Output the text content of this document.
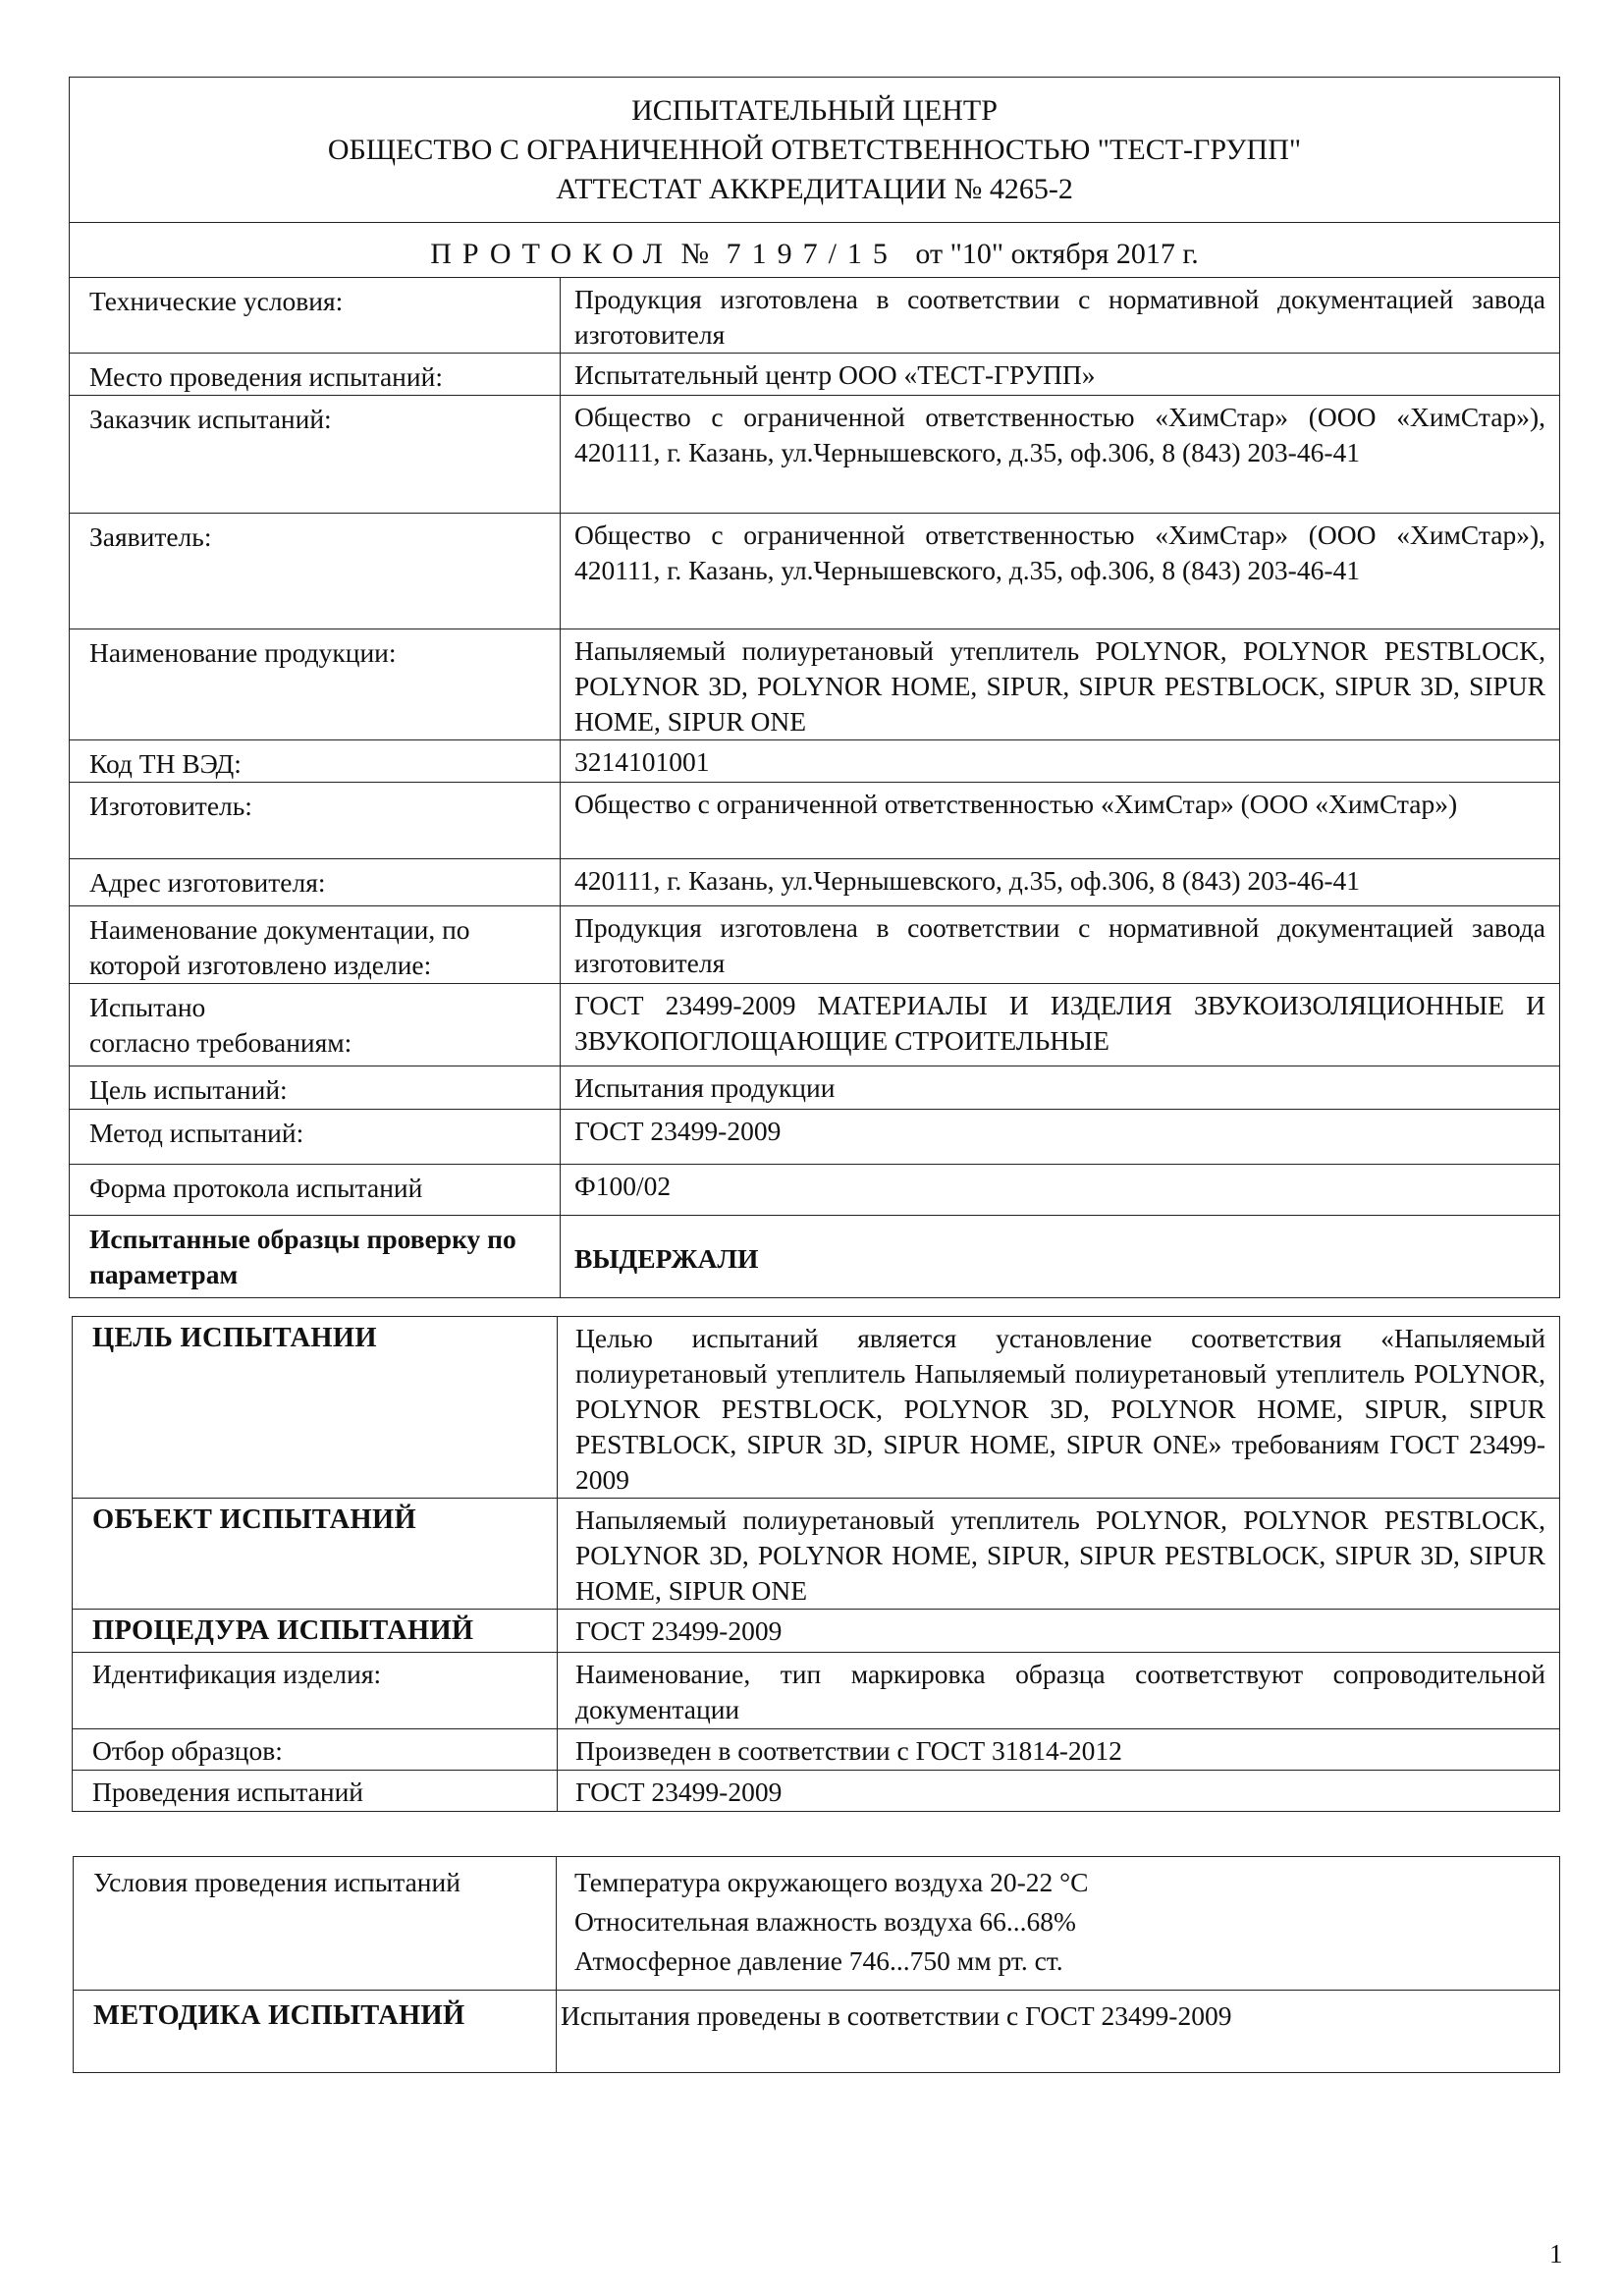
ИСПЫТАТЕЛЬНЫЙ ЦЕНТР
ОБЩЕСТВО С ОГРАНИЧЕННОЙ ОТВЕТСТВЕННОСТЬЮ "ТЕСТ-ГРУПП"
АТТЕСТАТ АККРЕДИТАЦИИ № 4265-2	

ПРОТОКОЛ № 7197/15 от "10" октября 2017 г.	
Технические условия:	Продукция изготовлена в соответствии с нормативной документацией завода изготовителя
Место проведения испытаний:	Испытательный центр ООО «ТЕСТ-ГРУПП»
Заказчик испытаний:	Общество с ограниченной ответственностью «ХимСтар» (ООО «ХимСтар»), 420111, г. Казань, ул.Чернышевского, д.35, оф.306, 8 (843) 203-46-41
Заявитель:	Общество с ограниченной ответственностью «ХимСтар» (ООО «ХимСтар»), 420111, г. Казань, ул.Чернышевского, д.35, оф.306, 8 (843) 203-46-41
Наименование продукции:	Напыляемый полиуретановый утеплитель POLYNOR, POLYNOR PESTBLOCK, POLYNOR 3D, POLYNOR HOME, SIPUR, SIPUR PESTBLOCK, SIPUR 3D, SIPUR HOME, SIPUR ONE
Код ТН ВЭД:	3214101001
Изготовитель:	Общество с ограниченной ответственностью «ХимСтар» (ООО «ХимСтар»)
Адрес изготовителя:	420111, г. Казань, ул.Чернышевского, д.35, оф.306, 8 (843) 203-46-41
Наименование документации, по которой изготовлено изделие:	Продукция изготовлена в соответствии с нормативной документацией завода изготовителя

Испытано
согласно требованиям:	ГОСТ 23499-2009 МАТЕРИАЛЫ И ИЗДЕЛИЯ ЗВУКОИЗОЛЯЦИОННЫЕ И ЗВУКОПОГЛОЩАЮЩИЕ СТРОИТЕЛЬНЫЕ
Цель испытаний:	Испытания продукции
Метод испытаний:	ГОСТ 23499-2009
Форма протокола испытаний	Ф100/02
Испытанные образцы проверку по параметрам	ВЫДЕРЖАЛИ
ЦЕЛЬ ИСПЫТАНИИ	Целью испытаний является установление соответствия «Напыляемый полиуретановый утеплитель Напыляемый полиуретановый утеплитель POLYNOR, POLYNOR PESTBLOCK, POLYNOR 3D, POLYNOR HOME, SIPUR, SIPUR PESTBLOCK, SIPUR 3D, SIPUR HOME, SIPUR ONE» требованиям ГОСТ 23499-2009
ОБЪЕКТ ИСПЫТАНИЙ	Напыляемый полиуретановый утеплитель POLYNOR, POLYNOR PESTBLOCK, POLYNOR 3D, POLYNOR HOME, SIPUR, SIPUR PESTBLOCK, SIPUR 3D, SIPUR HOME, SIPUR ONE
ПРОЦЕДУРА ИСПЫТАНИЙ	ГОСТ 23499-2009
Идентификация изделия:	Наименование, тип маркировка образца соответствуют сопроводительной документации
Отбор образцов:	Произведен в соответствии с ГОСТ 31814-2012
Проведения испытаний	ГОСТ 23499-2009
Условия проведения испытаний	Температура окружающего воздуха 20-22 °С
Относительная влажность воздуха 66...68%
Атмосферное давление 746...750 мм рт. ст.

МЕТОДИКА ИСПЫТАНИЙ	Испытания проведены в соответствии с ГОСТ 23499-2009
1
